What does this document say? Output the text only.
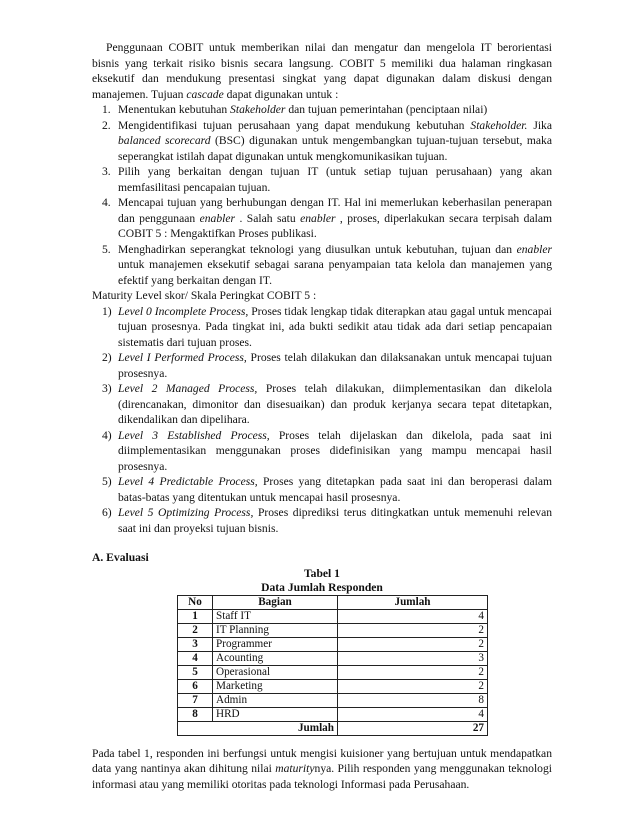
Penggunaan COBIT untuk memberikan nilai dan mengatur dan mengelola IT berorientasi bisnis yang terkait risiko bisnis secara langsung. COBIT 5 memiliki dua halaman ringkasan eksekutif dan mendukung presentasi singkat yang dapat digunakan dalam diskusi dengan manajemen. Tujuan cascade dapat digunakan untuk :

1. Menentukan kebutuhan Stakeholder dan tujuan pemerintahan (penciptaan nilai)
2. Mengidentifikasi tujuan perusahaan yang dapat mendukung kebutuhan Stakeholder. Jika balanced scorecard (BSC) digunakan untuk mengembangkan tujuan-tujuan tersebut, maka seperangkat istilah dapat digunakan untuk mengkomunikasikan tujuan.
3. Pilih yang berkaitan dengan tujuan IT (untuk setiap tujuan perusahaan) yang akan memfasilitasi pencapaian tujuan.
4. Mencapai tujuan yang berhubungan dengan IT. Hal ini memerlukan keberhasilan penerapan dan penggunaan enabler . Salah satu enabler , proses, diperlakukan secara terpisah dalam COBIT 5 : Mengaktifkan Proses publikasi.
5. Menghadirkan seperangkat teknologi yang diusulkan untuk kebutuhan, tujuan dan enabler untuk manajemen eksekutif sebagai sarana penyampaian tata kelola dan manajemen yang efektif yang berkaitan dengan IT.

Maturity Level skor/ Skala Peringkat COBIT 5 :

1) Level 0 Incomplete Process, Proses tidak lengkap tidak diterapkan atau gagal untuk mencapai tujuan prosesnya. Pada tingkat ini, ada bukti sedikit atau tidak ada dari setiap pencapaian sistematis dari tujuan proses.
2) Level I Performed Process, Proses telah dilakukan dan dilaksanakan untuk mencapai tujuan prosesnya.
3) Level 2 Managed Process, Proses telah dilakukan, diimplementasikan dan dikelola (direncanakan, dimonitor dan disesuaikan) dan produk kerjanya secara tepat ditetapkan, dikendalikan dan dipelihara.
4) Level 3 Established Process, Proses telah dijelaskan dan dikelola, pada saat ini diimplementasikan menggunakan proses didefinisikan yang mampu mencapai hasil prosesnya.
5) Level 4 Predictable Process, Proses yang ditetapkan pada saat ini dan beroperasi dalam batas-batas yang ditentukan untuk mencapai hasil prosesnya.
6) Level 5 Optimizing Process, Proses diprediksi terus ditingkatkan untuk memenuhi relevan saat ini dan proyeksi tujuan bisnis.

A. Evaluasi

Tabel 1
Data Jumlah Responden
No	Bagian	Jumlah
1	Staff IT	4
2	IT Planning	2
3	Programmer	2
4	Acounting	3
5	Operasional	2
6	Marketing	2
7	Admin	8
8	HRD	4
Jumlah		27

Pada tabel 1, responden ini berfungsi untuk mengisi kuisioner yang bertujuan untuk mendapatkan data yang nantinya akan dihitung nilai maturitynya. Pilih responden yang menggunakan teknologi informasi atau yang memiliki otoritas pada teknologi Informasi pada Perusahaan.
